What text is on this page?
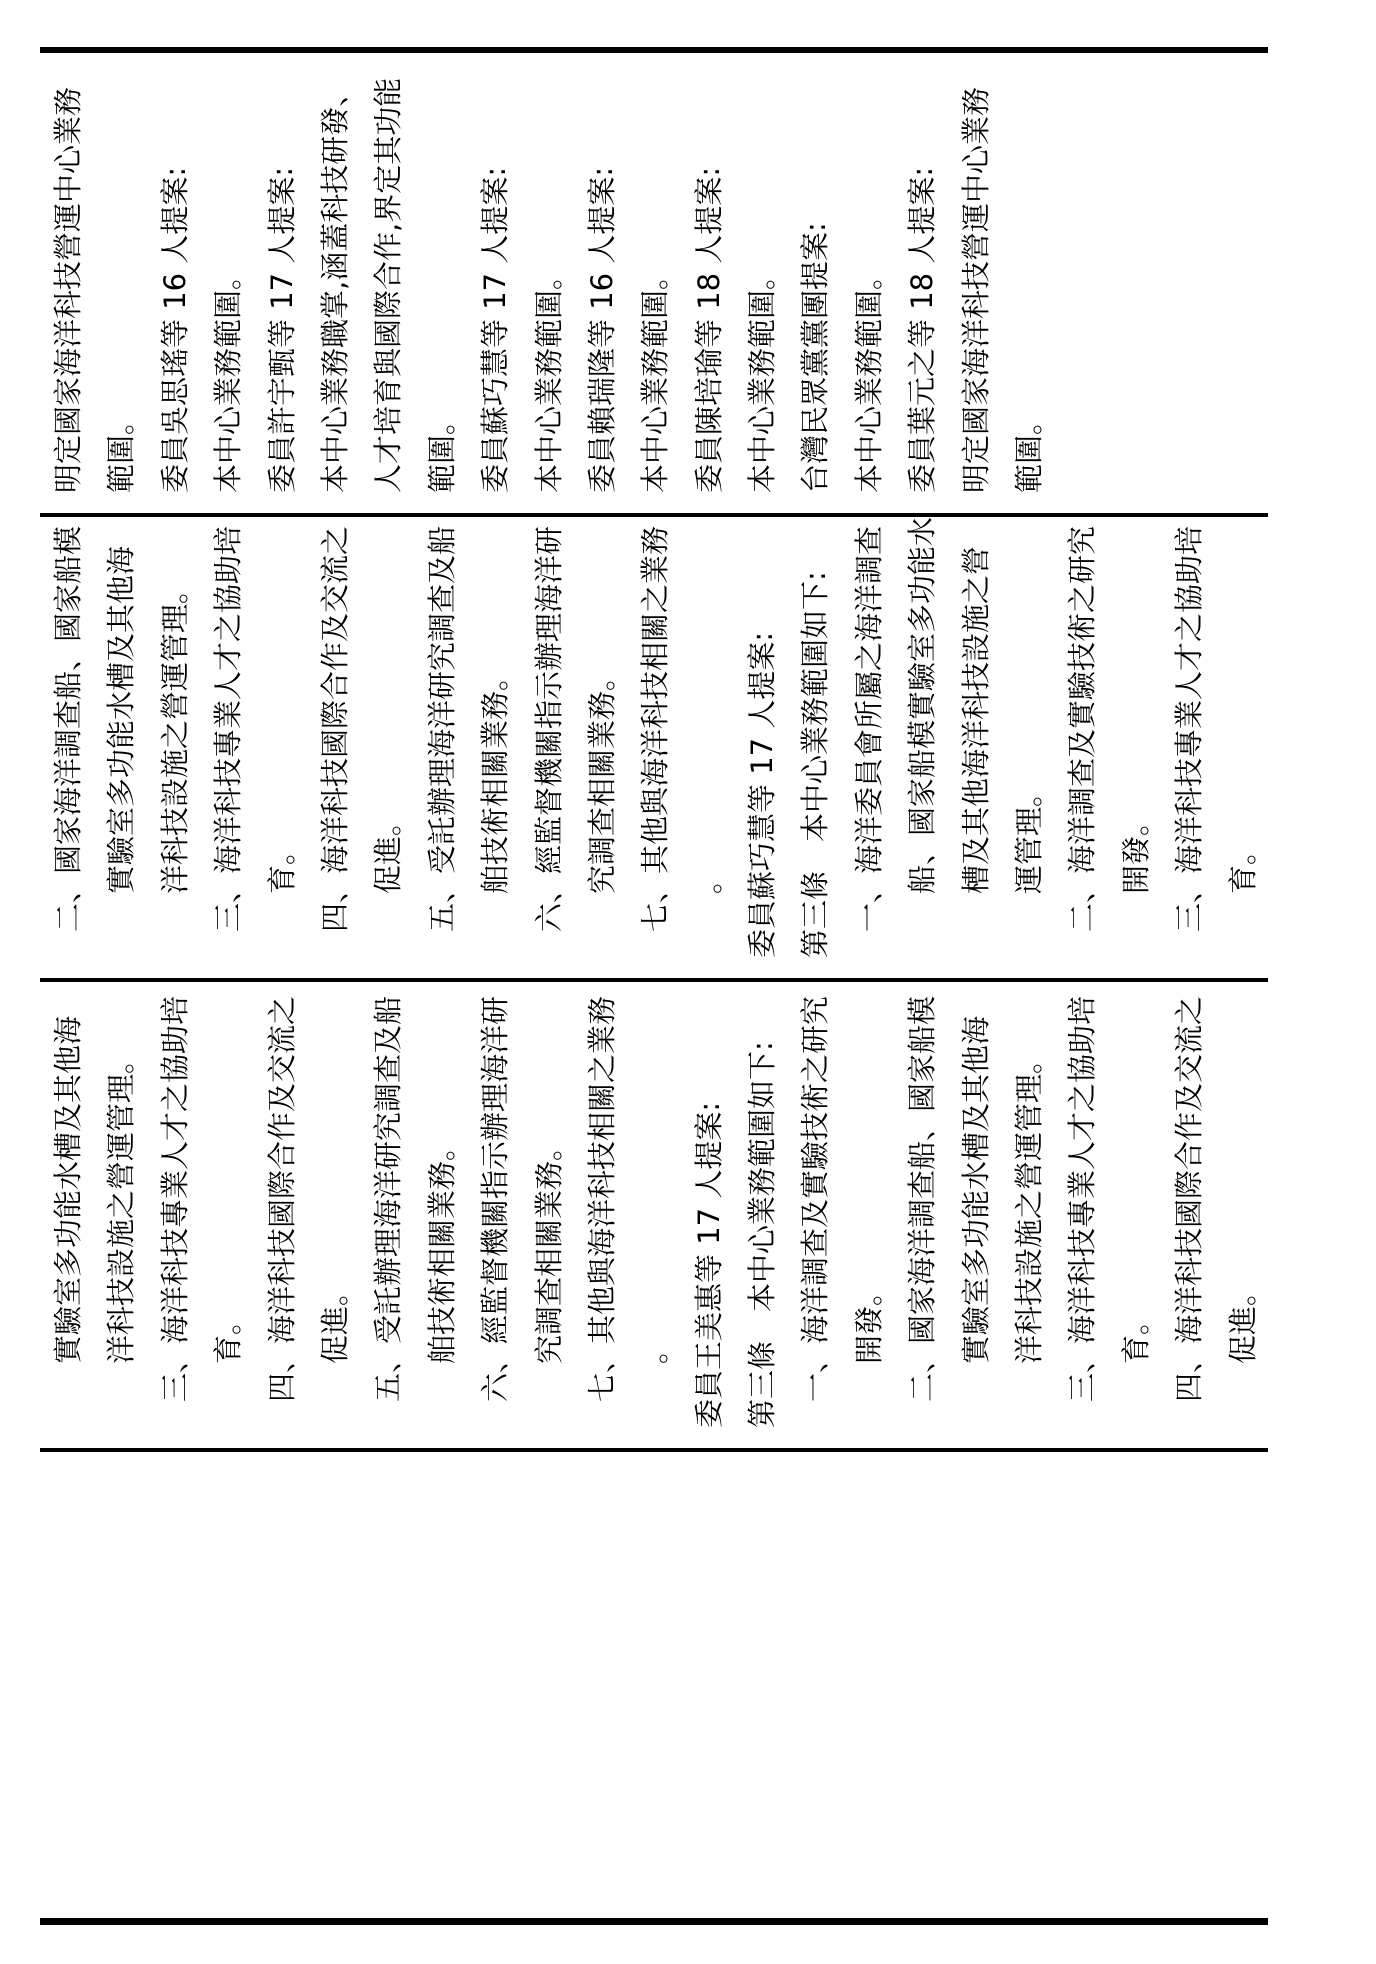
實驗室多功能水槽及其他海 洋科技設施之營運管理。 三、海洋科技專業人才之協助培 育。 四、海洋科技國際合作及交流之 促進。 五、受託辦理海洋研究調查及船 舶技術相關業務。 六、經監督機關指示辦理海洋研 究調查相關業務。 七、其他與海洋科技相關之業務 。 委員王美惠等 17 人提案: 第三條　本中心業務範圍如下: 一、海洋調查及實驗技術之研究 開發。 二、國家海洋調查船、國家船模 實驗室多功能水槽及其他海 洋科技設施之營運管理。 三、海洋科技專業人才之協助培 育。 四、海洋科技國際合作及交流之 促進。
二、國家海洋調查船、國家船模 實驗室多功能水槽及其他海 洋科技設施之營運管理。 三、海洋科技專業人才之協助培 育。 四、海洋科技國際合作及交流之 促進。 五、受託辦理海洋研究調查及船 舶技術相關業務。 六、經監督機關指示辦理海洋研 究調查相關業務。 七、其他與海洋科技相關之業務 。 委員蘇巧慧等 17 人提案: 第三條　本中心業務範圍如下: 一、海洋委員會所屬之海洋調查 船、國家船模實驗室多功能水 槽及其他海洋科技設施之營 運管理。 二、海洋調查及實驗技術之研究 開發。 三、海洋科技專業人才之協助培 育。
明定國家海洋科技營運中心業務 範圍。 委員吳思瑤等 16 人提案: 本中心業務範圍。 委員許宇甄等 17 人提案: 本中心業務職掌,涵蓋科技研發、 人才培育與國際合作,界定其功能 範圍。 委員蘇巧慧等 17 人提案: 本中心業務範圍。 委員賴瑞隆等 16 人提案: 本中心業務範圍。 委員陳培瑜等 18 人提案: 本中心業務範圍。 台灣民眾黨黨團提案: 本中心業務範圍。 委員葉元之等 18 人提案: 明定國家海洋科技營運中心業務 範圍。
